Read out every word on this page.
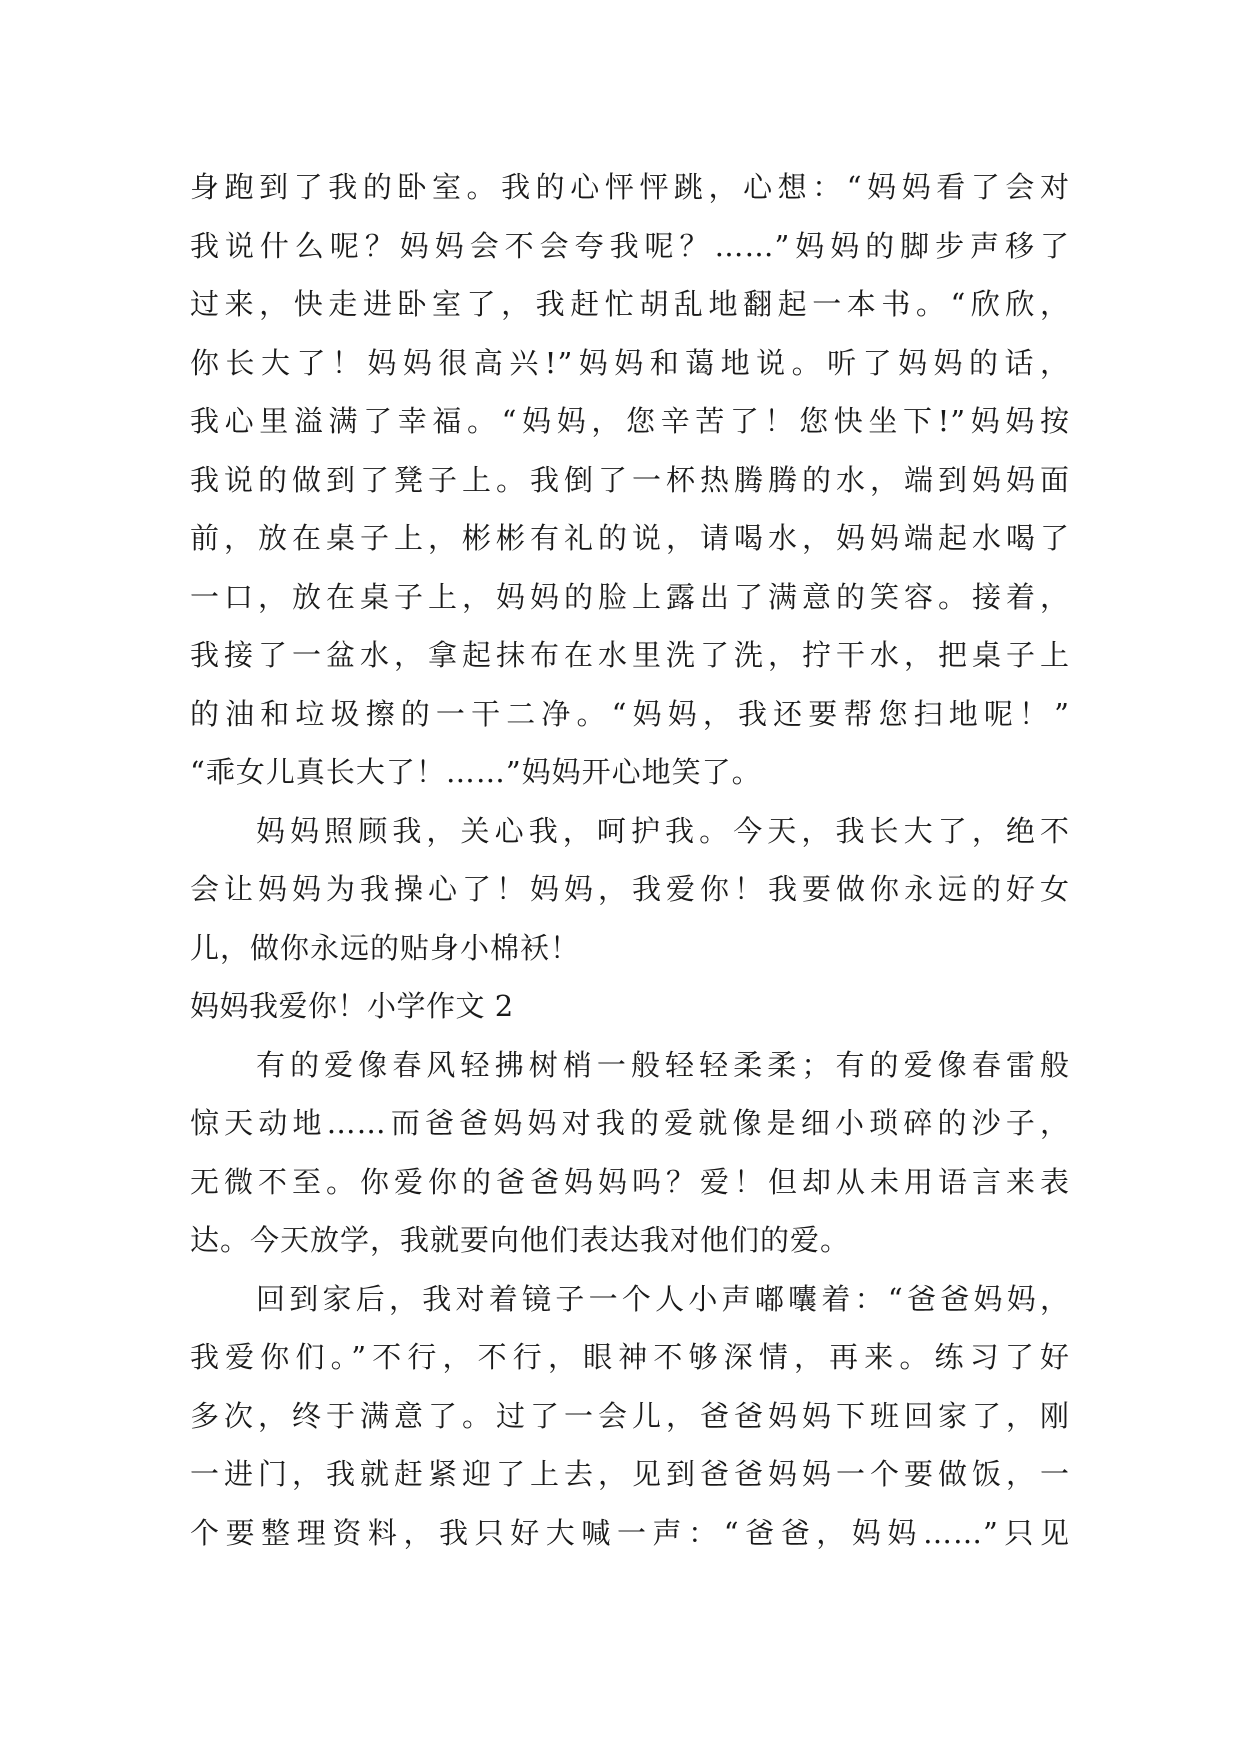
身跑到了我的卧室。我的心怦怦跳，心想：“妈妈看了会对
我说什么呢？妈妈会不会夸我呢？……”妈妈的脚步声移了
过来，快走进卧室了，我赶忙胡乱地翻起一本书。“欣欣，
你长大了！妈妈很高兴!”妈妈和蔼地说。听了妈妈的话，
我心里溢满了幸福。“妈妈，您辛苦了！您快坐下!”妈妈按
我说的做到了凳子上。我倒了一杯热腾腾的水，端到妈妈面
前，放在桌子上，彬彬有礼的说，请喝水，妈妈端起水喝了
一口，放在桌子上，妈妈的脸上露出了满意的笑容。接着，
我接了一盆水，拿起抹布在水里洗了洗，拧干水，把桌子上
的油和垃圾擦的一干二净。“妈妈，我还要帮您扫地呢！”
“乖女儿真长大了！……”妈妈开心地笑了。
妈妈照顾我，关心我，呵护我。今天，我长大了，绝不
会让妈妈为我操心了！妈妈，我爱你！我要做你永远的好女
儿，做你永远的贴身小棉袄！
妈妈我爱你！小学作文 2
有的爱像春风轻拂树梢一般轻轻柔柔；有的爱像春雷般
惊天动地……而爸爸妈妈对我的爱就像是细小琐碎的沙子，
无微不至。你爱你的爸爸妈妈吗？爱！但却从未用语言来表
达。今天放学，我就要向他们表达我对他们的爱。
回到家后，我对着镜子一个人小声嘟囔着：“爸爸妈妈，
我爱你们。”不行，不行，眼神不够深情，再来。练习了好
多次，终于满意了。过了一会儿，爸爸妈妈下班回家了，刚
一进门，我就赶紧迎了上去，见到爸爸妈妈一个要做饭，一
个要整理资料，我只好大喊一声：“爸爸，妈妈……”只见
